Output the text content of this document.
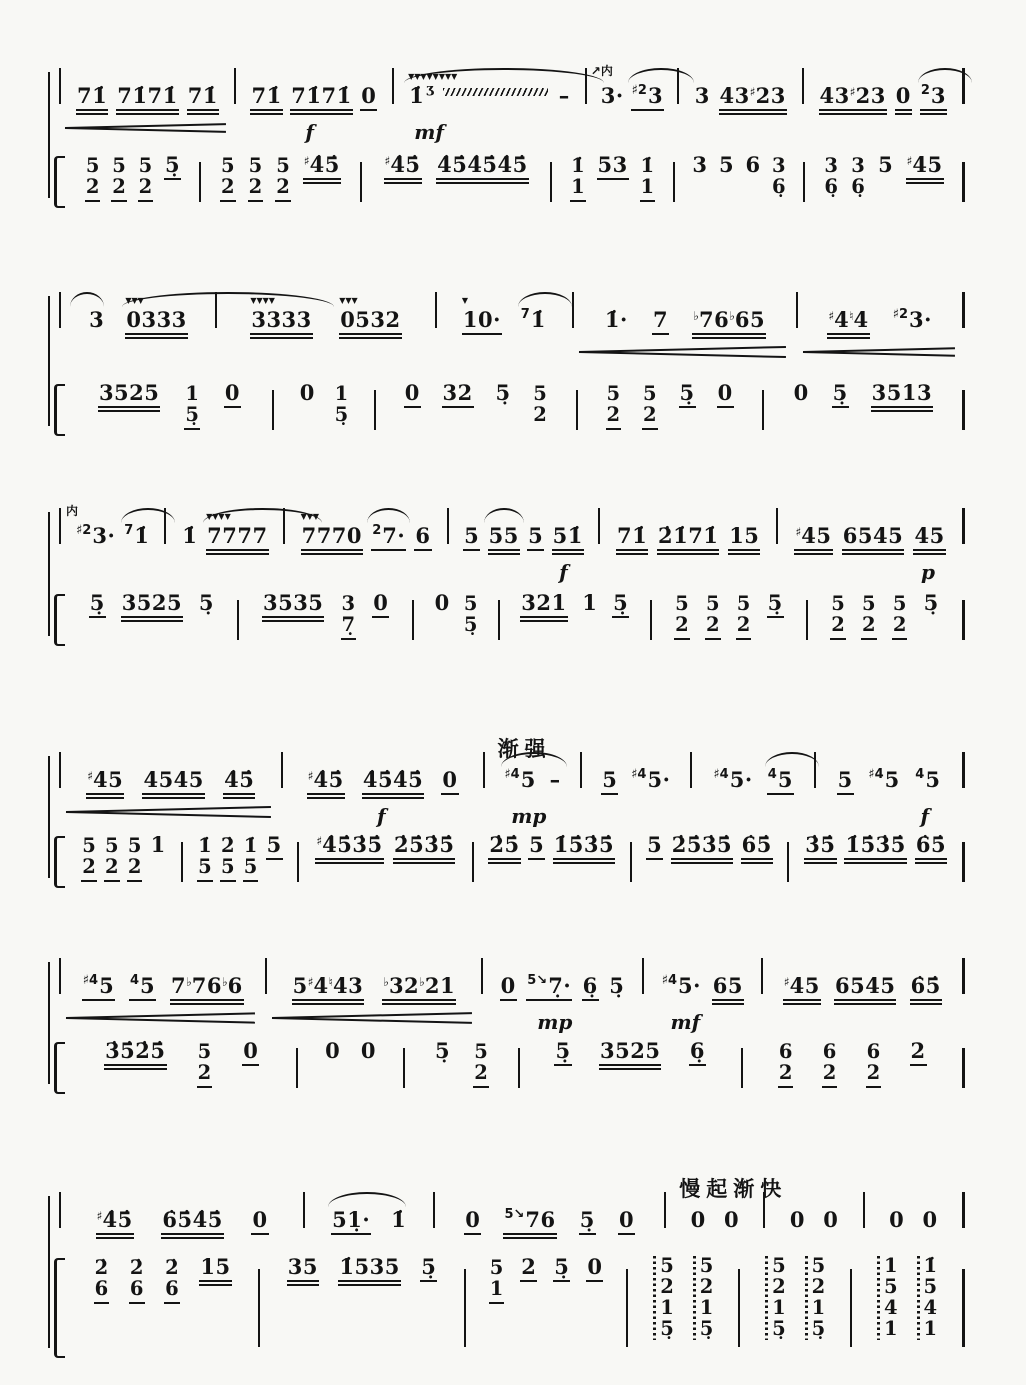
71̇ 71̇71̇ 71̇ 71̇ 71̇71̇
f
0
▼▼▼▼▼▼▼▼
1̇ $^ʒ$
mf
–
↗内
3· $^{♯2}$3 3 43♯23 43♯23 0 $^2$3
5
2
5
2
5
2
5̣ 5
2
5
2
5
2
♯4̇5̇	♯4̇5̇ 4̇5̇4̇5̇4̇5̇ 1̇
1
53 1̇
1
3 5 6 3
6̣
3
6̣
3
6̣
5 ♯45
3
▼▼▼
0333
▼▼▼▼
3333
▼▼▼
0532
▼
10· $^7$1̇	1̇· 7 ♭76♭65	♯4♮4 $^{♯2}$3·
3525 1
5̣
0	0 1
5̣
0 32 5̣ 5
2
5
2
5
2
5̣ 0	0 5̣ 3513
内
$^{♯2}$3· $^7$1̇ 1̇
▼▼▼▼
7777
▼▼▼
7770 $^2$7· 6 5 55 5 51̇
f
71̇ 2̇1̇71̇ 15	♯45 6545 45
p
5̣ 3525 5̣ 3535 3
7̣
0 0 5
5̣
321 1 5̣ 5
2
5
2
5
2
5̣ 5
2
5
2
5
2
5̣
♯45 4545 4̇5̇	♯4̇5̇ 4̇5̇4̇5̇
f
0	$^{♯4}$5
mp
–
渐强
5 $^{♯4}$5·	$^{♯4}$5· $^4$5 5 $^{♯4}$5 $^4$5
f
5
2
5
2
5
2
1 1̇
5
2̇
5
1̇
5
5	♯4̇5̇3̇5̇ 2̇5̇3̇5̇ 2̇5̇ 5 1̇5̇3̇5̇ 5 2̇5̇3̇5̇ 6̇5̇ 3̇5̇ 1̇5̇3̇5̇ 6̇5̇
$^{♯4}$5 $^4$5 7♭76♭6 5♯4♮43 ♭32♭21 0 $^{5↘}$7̣·
mp
6̣ 5̣	$^{♯4}$5·
mf
65	♯45 6545 6̇5̇
3̇5̇2̇5̇ 5
2
0	0 0	5̣ 5
2
5̣ 3525 6̣	6
2
6
2
6
2
2
♯4̇5̇ 6̇5̇4̇5̇ 0	51̣· 1̇	0 $^{5↘}$76 5̣ 0	0 0
慢起渐快
0 0 0 0
2̇
6
2̇
6
2̇
6
15	35 1̇535 5̣	5
1
2 5̣ 0	5
2
1
5̣
5
2
1
5̣
5
2
1
5̣
5
2
1
5̣
1
5
4
1
1̇
5
4
1
